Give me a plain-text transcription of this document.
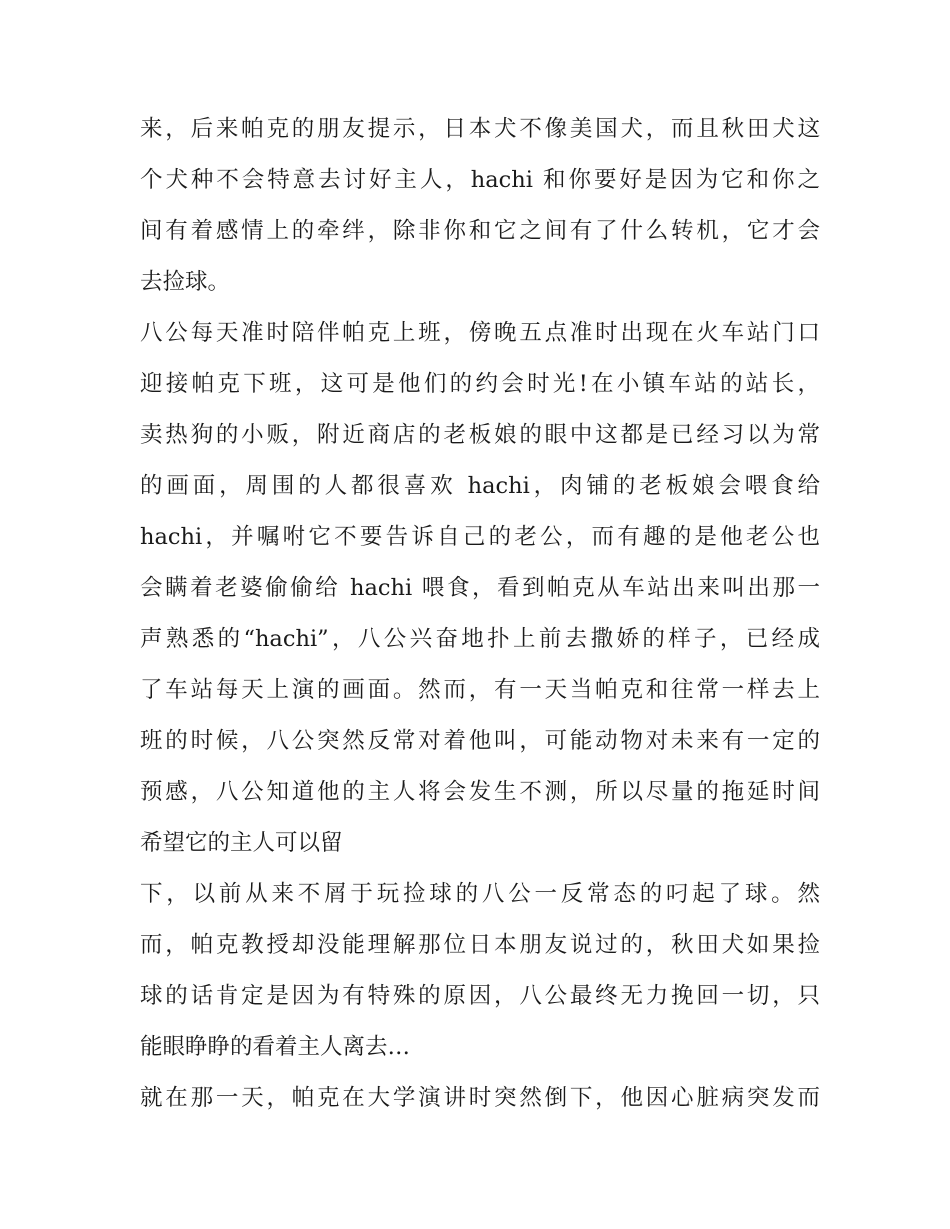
来，后来帕克的朋友提示，日本犬不像美国犬，而且秋田犬这
个犬种不会特意去讨好主人，hachi 和你要好是因为它和你之
间有着感情上的牵绊，除非你和它之间有了什么转机，它才会
去捡球。
八公每天准时陪伴帕克上班，傍晚五点准时出现在火车站门口
迎接帕克下班，这可是他们的约会时光!在小镇车站的站长，
卖热狗的小贩，附近商店的老板娘的眼中这都是已经习以为常
的画面，周围的人都很喜欢 hachi，肉铺的老板娘会喂食给
hachi，并嘱咐它不要告诉自己的老公，而有趣的是他老公也
会瞒着老婆偷偷给 hachi 喂食，看到帕克从车站出来叫出那一
声熟悉的“hachi”，八公兴奋地扑上前去撒娇的样子，已经成
了车站每天上演的画面。然而，有一天当帕克和往常一样去上
班的时候，八公突然反常对着他叫，可能动物对未来有一定的
预感，八公知道他的主人将会发生不测，所以尽量的拖延时间
希望它的主人可以留
下，以前从来不屑于玩捡球的八公一反常态的叼起了球。然
而，帕克教授却没能理解那位日本朋友说过的，秋田犬如果捡
球的话肯定是因为有特殊的原因，八公最终无力挽回一切，只
能眼睁睁的看着主人离去…
就在那一天，帕克在大学演讲时突然倒下，他因心脏病突发而
